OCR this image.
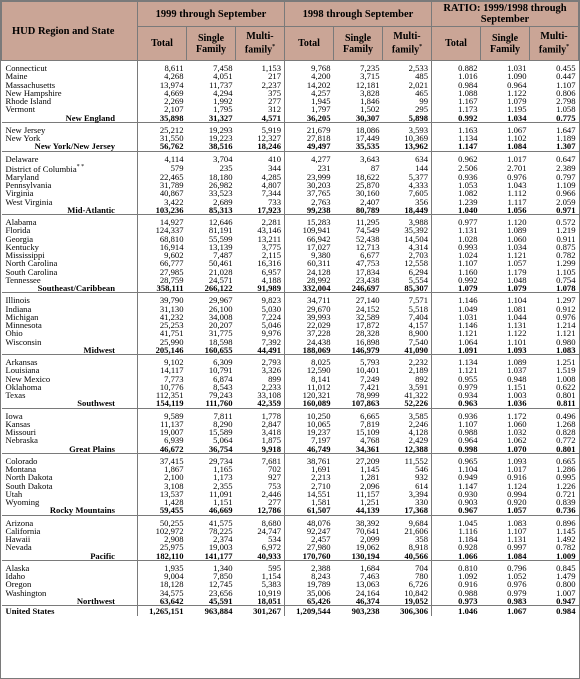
HUD Region and State	1999 through September			1998 through September			RATIO: 1999/1998 through September		
	Total	Single Family	Multi-family*	Total	Single Family	Multi-family*	Total	Single Family	Multi-family*
Connecticut	8,611	7,458	1,153	9,768	7,235	2,533	0.882	1.031	0.455
Maine	4,268	4,051	217	4,200	3,715	485	1.016	1.090	0.447
Massachusetts	13,974	11,737	2,237	14,202	12,181	2,021	0.984	0.964	1.107
New Hampshire	4,669	4,294	375	4,257	3,828	465	1.088	1.122	0.806
Rhode Island	2,269	1,992	277	1,945	1,846	99	1.167	1.079	2.798
Vermont	2,107	1,795	312	1,797	1,502	295	1.173	1.195	1.058
New England	35,898	31,327	4,571	36,205	30,307	5,898	0.992	1.034	0.775
New Jersey	25,212	19,293	5,919	21,679	18,086	3,593	1.163	1.067	1.647
New York	31,550	19,223	12,327	27,818	17,449	10,369	1.134	1.102	1.189
New York/New Jersey	56,762	38,516	18,246	49,497	35,535	13,962	1.147	1.084	1.307
Delaware	4,114	3,704	410	4,277	3,643	634	0.962	1.017	0.647
District of Columbia* *	579	235	344	231	87	144	2.506	2.701	2.389
Maryland	22,465	18,180	4,285	23,999	18,622	5,377	0.936	0.976	0.797
Pennsylvania	31,789	26,982	4,807	30,203	25,870	4,333	1.053	1.043	1.109
Virginia	40,867	33,523	7,344	37,765	30,160	7,605	1.082	1.112	0.966
West Virginia	3,422	2,689	733	2,763	2,407	356	1.239	1.117	2.059
Mid-Atlantic	103,236	85,313	17,923	99,238	80,789	18,449	1.040	1.056	0.971
Alabama	14,927	12,646	2,281	15,283	11,295	3,988	0.977	1.120	0.572
Florida	124,337	81,191	43,146	109,941	74,549	35,392	1.131	1.089	1.219
Georgia	68,810	55,599	13,211	66,942	52,438	14,504	1.028	1.060	0.911
Kentucky	16,914	13,139	3,775	17,027	12,713	4,314	0.993	1.034	0.875
Mississippi	9,602	7,487	2,115	9,380	6,677	2,703	1.024	1.121	0.782
North Carolina	66,777	50,461	16,316	60,311	47,753	12,558	1.107	1.057	1.299
South Carolina	27,985	21,028	6,957	24,128	17,834	6,294	1.160	1.179	1.105
Tennessee	28,759	24,571	4,188	28,992	23,438	5,554	0.992	1.048	0.754
Southeast/Caribbean	358,111	266,122	91,989	332,004	246,697	85,307	1.079	1.079	1.078
Illinois	39,790	29,967	9,823	34,711	27,140	7,571	1.146	1.104	1.297
Indiana	31,130	26,100	5,030	29,670	24,152	5,518	1.049	1.081	0.912
Michigan	41,232	34,008	7,224	39,993	32,589	7,404	1.031	1.044	0.976
Minnesota	25,253	20,207	5,046	22,029	17,872	4,157	1.146	1.131	1.214
Ohio	41,751	31,775	9,976	37,228	28,328	8,900	1.121	1.122	1.121
Wisconsin	25,990	18,598	7,392	24,438	16,898	7,540	1.064	1.101	0.980
Midwest	205,146	160,655	44,491	188,069	146,979	41,090	1.091	1.093	1.083
Arkansas	9,102	6,309	2,793	8,025	5,793	2,232	1.134	1.089	1.251
Louisiana	14,117	10,791	3,326	12,590	10,401	2,189	1.121	1.037	1.519
New Mexico	7,773	6,874	899	8,141	7,249	892	0.955	0.948	1.008
Oklahoma	10,776	8,543	2,233	11,012	7,421	3,591	0.979	1.151	0.622
Texas	112,351	79,243	33,108	120,321	78,999	41,322	0.934	1.003	0.801
Southwest	154,119	111,760	42,359	160,089	107,863	52,226	0.963	1.036	0.811
Iowa	9,589	7,811	1,778	10,250	6,665	3,585	0.936	1.172	0.496
Kansas	11,137	8,290	2,847	10,065	7,819	2,246	1.107	1.060	1.268
Missouri	19,007	15,589	3,418	19,237	15,109	4,128	0.988	1.032	0.828
Nebraska	6,939	5,064	1,875	7,197	4,768	2,429	0.964	1.062	0.772
Great Plains	46,672	36,754	9,918	46,749	34,361	12,388	0.998	1.070	0.801
Colorado	37,415	29,734	7,681	38,761	27,209	11,552	0.965	1.093	0.665
Montana	1,867	1,165	702	1,691	1,145	546	1.104	1.017	1.286
North Dakota	2,100	1,173	927	2,213	1,281	932	0.949	0.916	0.995
South Dakota	3,108	2,355	753	2,710	2,096	614	1.147	1.124	1.226
Utah	13,537	11,091	2,446	14,551	11,157	3,394	0.930	0.994	0.721
Wyoming	1,428	1,151	277	1,581	1,251	330	0.903	0.920	0.839
Rocky Mountains	59,455	46,669	12,786	61,507	44,139	17,368	0.967	1.057	0.736
Arizona	50,255	41,575	8,680	48,076	38,392	9,684	1.045	1.083	0.896
California	102,972	78,225	24,747	92,247	70,641	21,606	1.116	1.107	1.145
Hawaii	2,908	2,374	534	2,457	2,099	358	1.184	1.131	1.492
Nevada	25,975	19,003	6,972	27,980	19,062	8,918	0.928	0.997	0.782
Pacific	182,110	141,177	40,933	170,760	130,194	40,566	1.066	1.084	1.009
Alaska	1,935	1,340	595	2,388	1,684	704	0.810	0.796	0.845
Idaho	9,004	7,850	1,154	8,243	7,463	780	1.092	1.052	1.479
Oregon	18,128	12,745	5,383	19,789	13,063	6,726	0.916	0.976	0.800
Washington	34,575	23,656	10,919	35,006	24,164	10,842	0.988	0.979	1.007
Northwest	63,642	45,591	18,051	65,426	46,374	19,052	0.973	0.983	0.947
United States	1,265,151	963,884	301,267	1,209,544	903,238	306,306	1.046	1.067	0.984
